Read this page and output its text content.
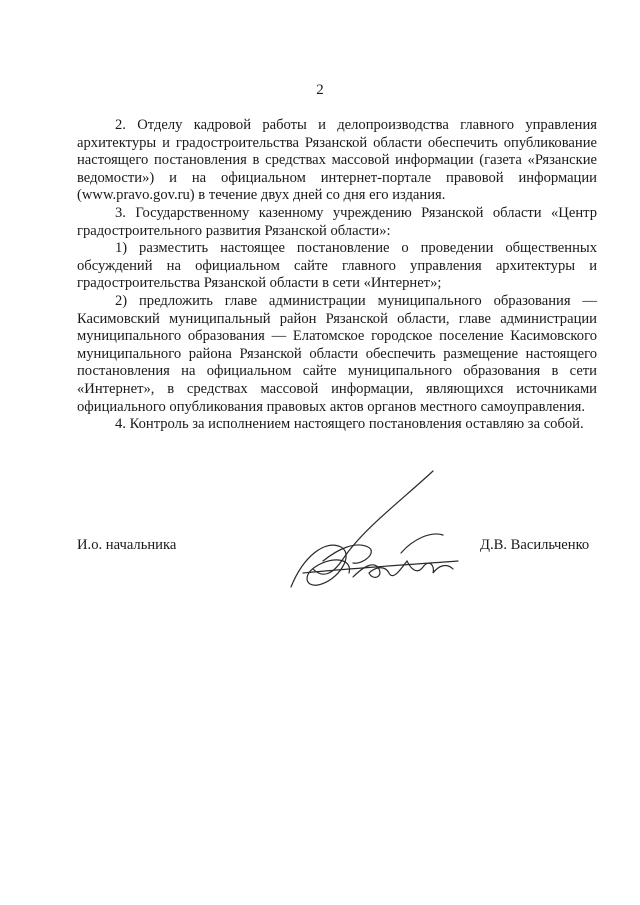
2

2. Отделу кадровой работы и делопроизводства главного управления архитектуры и градостроительства Рязанской области обеспечить опубликование настоящего постановления в средствах массовой информации (газета «Рязанские ведомости») и на официальном интернет-портале правовой информации (www.pravo.gov.ru) в течение двух дней со дня его издания.

3. Государственному казенному учреждению Рязанской области «Центр градостроительного развития Рязанской области»:

1) разместить настоящее постановление о проведении общественных обсуждений на официальном сайте главного управления архитектуры и градостроительства Рязанской области в сети «Интернет»;

2) предложить главе администрации муниципального образования — Касимовский муниципальный район Рязанской области, главе администрации муниципального образования — Елатомское городское поселение Касимовского муниципального района Рязанской области обеспечить размещение настоящего постановления на официальном сайте муниципального образования в сети «Интернет», в средствах массовой информации, являющихся источниками официального опубликования правовых актов органов местного самоуправления.

4. Контроль за исполнением настоящего постановления оставляю за собой.

И.о. начальника	Д.В. Васильченко
